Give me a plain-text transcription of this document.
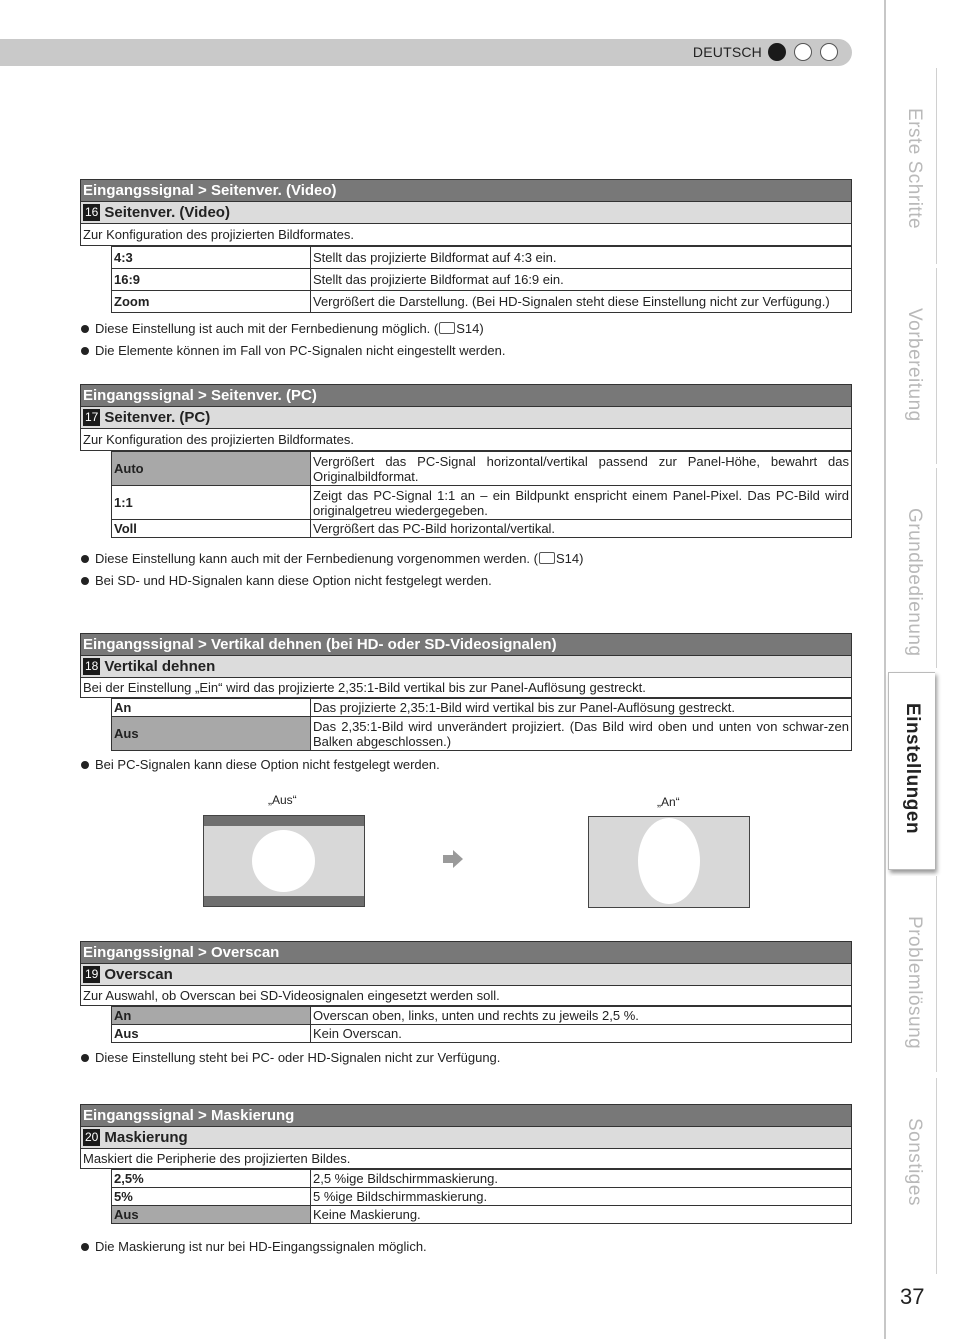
DEUTSCH
Erste Schritte
Vorbereitung
Grundbedienung
Einstellungen
Problemlösung
Sonstiges
37
Eingangssignal > Seitenver. (Video)
16 Seitenver. (Video)
Zur Konfiguration des projizierten Bildformates.
4:3	Stellt das projizierte Bildformat auf 4:3 ein.
16:9	Stellt das projizierte Bildformat auf 16:9 ein.
Zoom	Vergrößert die Darstellung. (Bei HD-Signalen steht diese Einstellung nicht zur Verfügung.)
Diese Einstellung ist auch mit der Fernbedienung möglich. ( S14)
Die Elemente können im Fall von PC-Signalen nicht eingestellt werden.
Eingangssignal > Seitenver. (PC)
17 Seitenver. (PC)
Zur Konfiguration des projizierten Bildformates.
Auto	Vergrößert das PC-Signal horizontal/vertikal passend zur Panel-Höhe, bewahrt das Originalbildformat.
1:1	Zeigt das PC-Signal 1:1 an – ein Bildpunkt enspricht einem Panel-Pixel. Das PC-Bild wird originalgetreu wiedergegeben.
Voll	Vergrößert das PC-Bild horizontal/vertikal.
Diese Einstellung kann auch mit der Fernbedienung vorgenommen werden. ( S14)
Bei SD- und HD-Signalen kann diese Option nicht festgelegt werden.
Eingangssignal > Vertikal dehnen (bei HD- oder SD-Videosignalen)
18 Vertikal dehnen
Bei der Einstellung „Ein“ wird das projizierte 2,35:1-Bild vertikal bis zur Panel-Auflösung gestreckt.
An	Das projizierte 2,35:1-Bild wird vertikal bis zur Panel-Auflösung gestreckt.
Aus	Das 2,35:1-Bild wird unverändert projiziert. (Das Bild wird oben und unten von schwar-zen Balken abgeschlossen.)
Bei PC-Signalen kann diese Option nicht festgelegt werden.
„Aus“	„An“
Eingangssignal > Overscan
19 Overscan
Zur Auswahl, ob Overscan bei SD-Videosignalen eingesetzt werden soll.
An	Overscan oben, links, unten und rechts zu jeweils 2,5 %.
Aus	Kein Overscan.
Diese Einstellung steht bei PC- oder HD-Signalen nicht zur Verfügung.
Eingangssignal > Maskierung
20 Maskierung
Maskiert die Peripherie des projizierten Bildes.
2,5%	2,5 %ige Bildschirmmaskierung.
5%	5 %ige Bildschirmmaskierung.
Aus	Keine Maskierung.
Die Maskierung ist nur bei HD-Eingangssignalen möglich.
